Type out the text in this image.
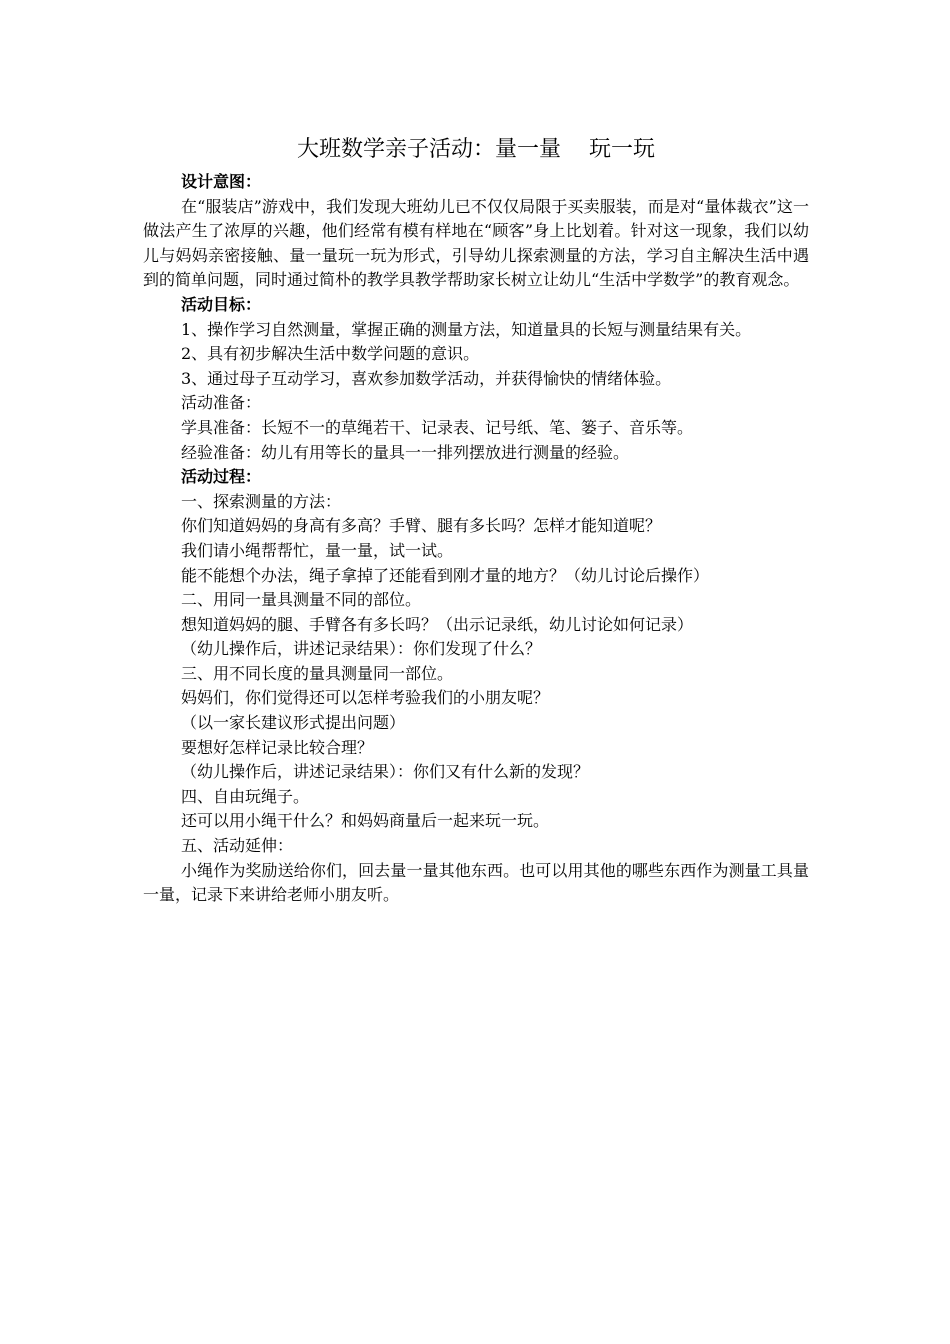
大班数学亲子活动：量一量    玩一玩

设计意图：

在“服装店”游戏中，我们发现大班幼儿已不仅仅局限于买卖服装，而是对“量体裁衣”这一做法产生了浓厚的兴趣，他们经常有模有样地在“顾客”身上比划着。针对这一现象，我们以幼儿与妈妈亲密接触、量一量玩一玩为形式，引导幼儿探索测量的方法，学习自主解决生活中遇到的简单问题，同时通过简朴的教学具教学帮助家长树立让幼儿“生活中学数学”的教育观念。

活动目标：

1、操作学习自然测量，掌握正确的测量方法，知道量具的长短与测量结果有关。

2、具有初步解决生活中数学问题的意识。

3、通过母子互动学习，喜欢参加数学活动，并获得愉快的情绪体验。

活动准备：

学具准备：长短不一的草绳若干、记录表、记号纸、笔、篓子、音乐等。

经验准备：幼儿有用等长的量具一一排列摆放进行测量的经验。

活动过程：

一、探索测量的方法：

你们知道妈妈的身高有多高？手臂、腿有多长吗？怎样才能知道呢？

我们请小绳帮帮忙，量一量，试一试。

能不能想个办法，绳子拿掉了还能看到刚才量的地方？（幼儿讨论后操作）

二、用同一量具测量不同的部位。

想知道妈妈的腿、手臂各有多长吗？（出示记录纸，幼儿讨论如何记录）

（幼儿操作后，讲述记录结果）：你们发现了什么？

三、用不同长度的量具测量同一部位。

妈妈们，你们觉得还可以怎样考验我们的小朋友呢？

（以一家长建议形式提出问题）

要想好怎样记录比较合理？

（幼儿操作后，讲述记录结果）：你们又有什么新的发现？

四、自由玩绳子。

还可以用小绳干什么？和妈妈商量后一起来玩一玩。

五、活动延伸：

小绳作为奖励送给你们，回去量一量其他东西。也可以用其他的哪些东西作为测量工具量一量，记录下来讲给老师小朋友听。
